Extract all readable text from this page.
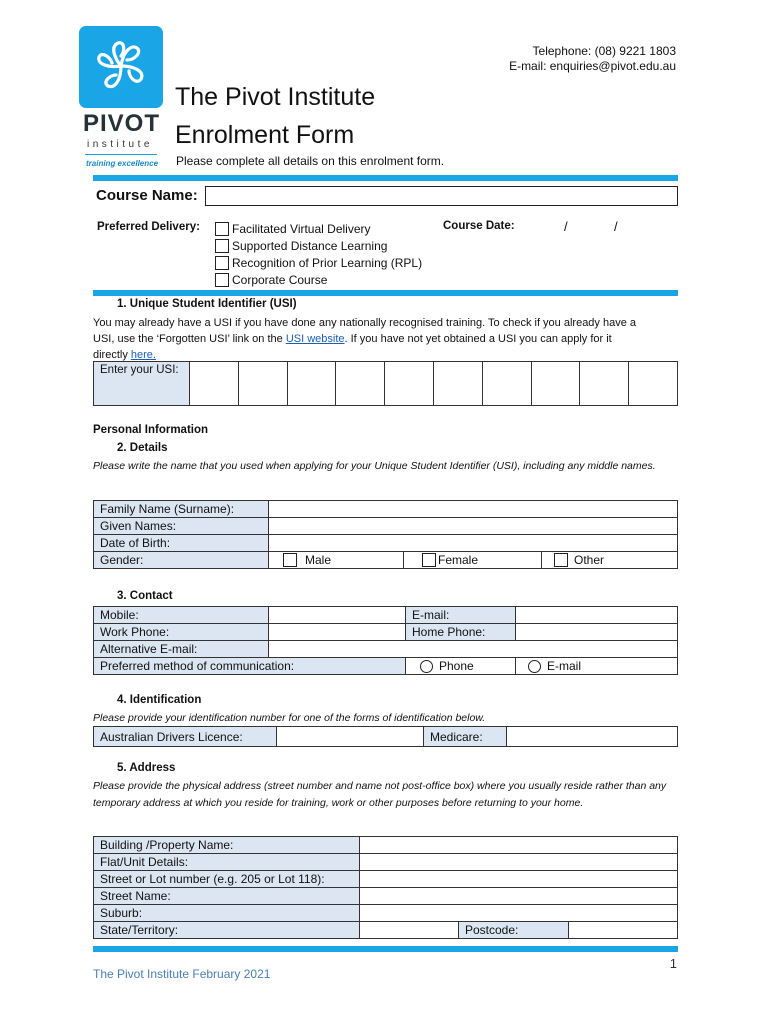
PIVOT
institute
training excellence
Telephone: (08) 9221 1803
E-mail: enquiries@pivot.edu.au
The Pivot Institute
Enrolment Form
Please complete all details on this enrolment form.
Course Name:
Preferred Delivery:	Facilitated Virtual Delivery
Supported Distance Learning
Recognition of Prior Learning (RPL)
Corporate Course
Course Date:	/	/
1. Unique Student Identifier (USI)
You may already have a USI if you have done any nationally recognised training. To check if you already have a
USI, use the ‘Forgotten USI’ link on the USI website. If you have not yet obtained a USI you can apply for it
directly here.
Enter your USI:										
Personal Information
2. Details
Please write the name that you used when applying for your Unique Student Identifier (USI), including any middle names.
Family Name (Surname):			
Given Names:			
Date of Birth:			
Gender:	Male	Female	Other
3. Contact
Mobile:		E-mail:	
Work Phone:		Home Phone:	
Alternative E-mail:			
Preferred method of communication:		Phone	E-mail
4. Identification
Please provide your identification number for one of the forms of identification below.
Australian Drivers Licence:		Medicare:	
5. Address
Please provide the physical address (street number and name not post-office box) where you usually reside rather than any temporary address at which you reside for training, work or other purposes before returning to your home.
Building /Property Name:			
Flat/Unit Details:			
Street or Lot number (e.g. 205 or Lot 118):			
Street Name:			
Suburb:			
State/Territory:		Postcode:	
1
The Pivot Institute February 2021
